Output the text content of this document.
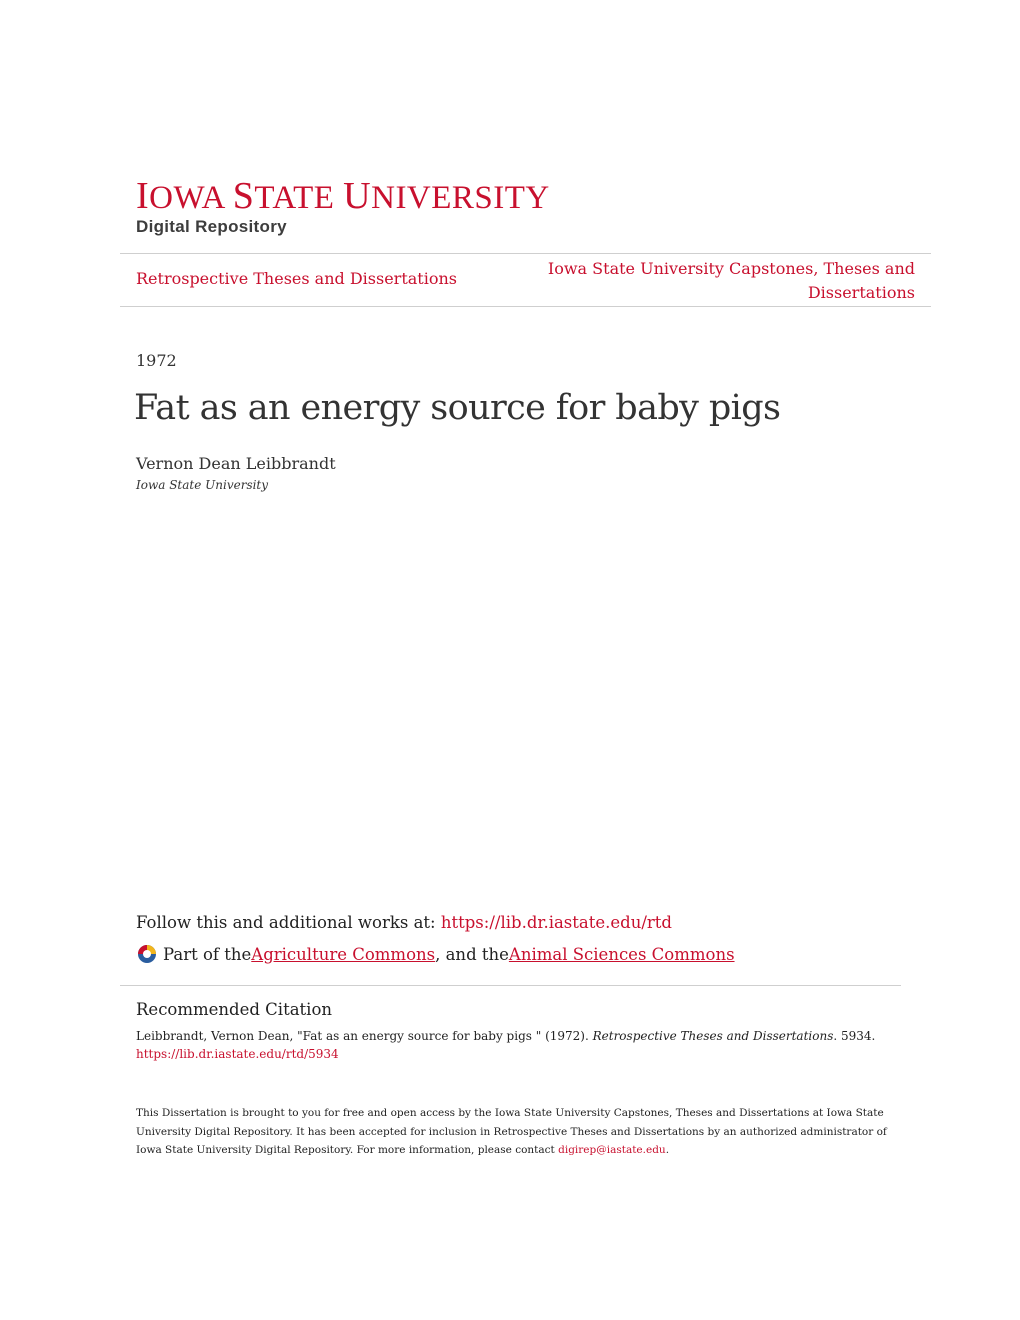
IOWA STATE UNIVERSITY
Digital Repository
Retrospective Theses and Dissertations
Iowa State University Capstones, Theses and
Dissertations
1972
Fat as an energy source for baby pigs
Vernon Dean Leibbrandt
Iowa State University
Follow this and additional works at: https://lib.dr.iastate.edu/rtd
Part of the Agriculture Commons , and the Animal Sciences Commons
Recommended Citation
Leibbrandt, Vernon Dean, "Fat as an energy source for baby pigs " (1972). Retrospective Theses and Dissertations. 5934.
https://lib.dr.iastate.edu/rtd/5934
This Dissertation is brought to you for free and open access by the Iowa State University Capstones, Theses and Dissertations at Iowa State University Digital Repository. It has been accepted for inclusion in Retrospective Theses and Dissertations by an authorized administrator of Iowa State University Digital Repository. For more information, please contact digirep@iastate.edu.
